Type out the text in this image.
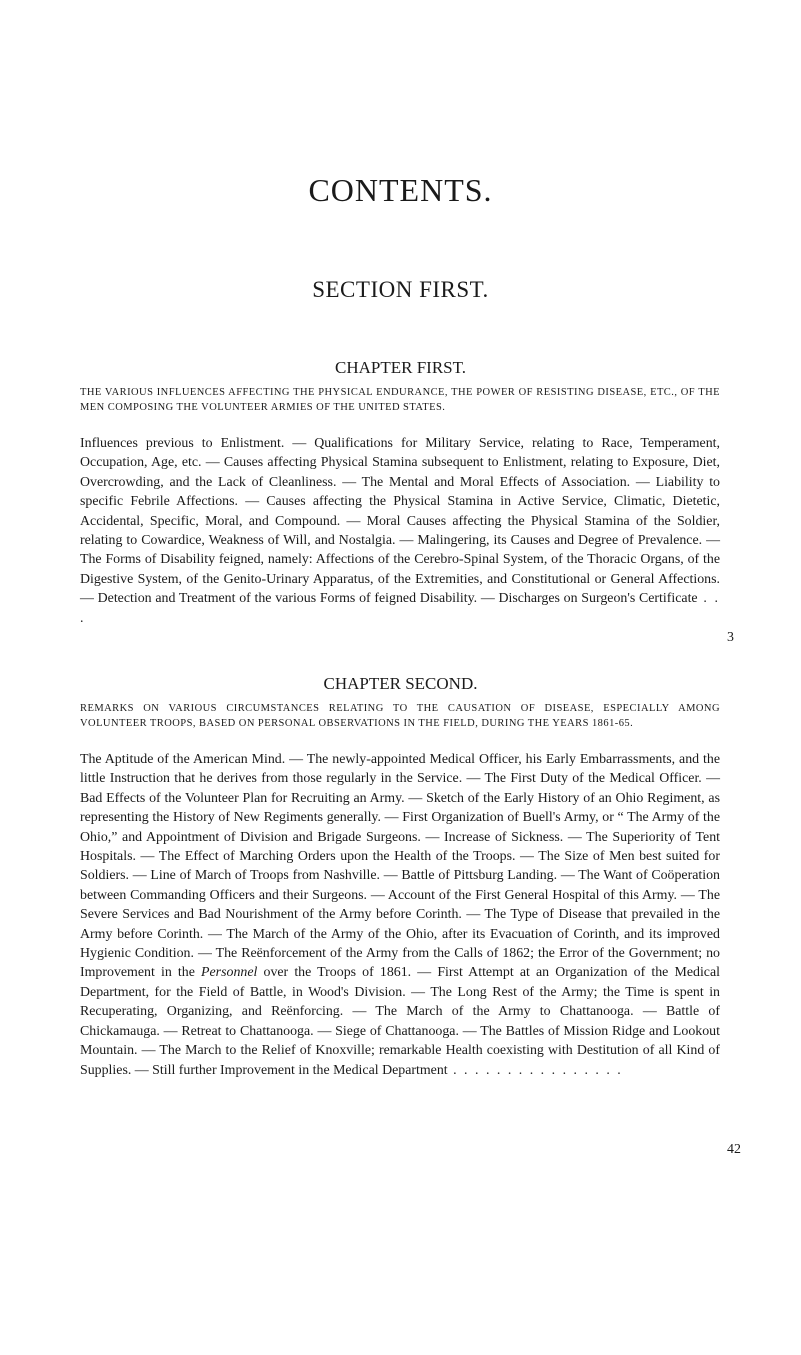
CONTENTS.
SECTION FIRST.
CHAPTER FIRST.

THE VARIOUS INFLUENCES AFFECTING THE PHYSICAL ENDURANCE, THE POWER OF RESISTING DISEASE, ETC., OF THE MEN COMPOSING THE VOLUNTEER ARMIES OF THE UNITED STATES.

Influences previous to Enlistment. — Qualifications for Military Service, relating to Race, Temperament, Occupation, Age, etc. — Causes affecting Physical Stamina subsequent to Enlistment, relating to Exposure, Diet, Overcrowding, and the Lack of Cleanliness. — The Mental and Moral Effects of Association. — Liability to specific Febrile Affections. — Causes affecting the Physical Stamina in Active Service, Climatic, Dietetic, Accidental, Specific, Moral, and Compound. — Moral Causes affecting the Physical Stamina of the Soldier, relating to Cowardice, Weakness of Will, and Nostalgia. — Malingering, its Causes and Degree of Prevalence. — The Forms of Disability feigned, namely: Affections of the Cerebro-Spinal System, of the Thoracic Organs, of the Digestive System, of the Genito-Urinary Apparatus, of the Extremities, and Constitutional or General Affections. — Detection and Treatment of the various Forms of feigned Disability. — Discharges on Surgeon's Certificate . . .

3
CHAPTER SECOND.

REMARKS ON VARIOUS CIRCUMSTANCES RELATING TO THE CAUSATION OF DISEASE, ESPECIALLY AMONG VOLUNTEER TROOPS, BASED ON PERSONAL OBSERVATIONS IN THE FIELD, DURING THE YEARS 1861-65.

The Aptitude of the American Mind. — The newly-appointed Medical Officer, his Early Embarrassments, and the little Instruction that he derives from those regularly in the Service. — The First Duty of the Medical Officer. — Bad Effects of the Volunteer Plan for Recruiting an Army. — Sketch of the Early History of an Ohio Regiment, as representing the History of New Regiments generally. — First Organization of Buell's Army, or “ The Army of the Ohio,” and Appointment of Division and Brigade Surgeons. — Increase of Sickness. — The Superiority of Tent Hospitals. — The Effect of Marching Orders upon the Health of the Troops. — The Size of Men best suited for Soldiers. — Line of March of Troops from Nashville. — Battle of Pittsburg Landing. — The Want of Coöperation between Commanding Officers and their Surgeons. — Account of the First General Hospital of this Army. — The Severe Services and Bad Nourishment of the Army before Corinth. — The Type of Disease that prevailed in the Army before Corinth. — The March of the Army of the Ohio, after its Evacuation of Corinth, and its improved Hygienic Condition. — The Reënforcement of the Army from the Calls of 1862; the Error of the Government; no Improvement in the Personnel over the Troops of 1861. — First Attempt at an Organization of the Medical Department, for the Field of Battle, in Wood's Division. — The Long Rest of the Army; the Time is spent in Recuperating, Organizing, and Reënforcing. — The March of the Army to Chattanooga. — Battle of Chickamauga. — Retreat to Chattanooga. — Siege of Chattanooga. — The Battles of Mission Ridge and Lookout Mountain. — The March to the Relief of Knoxville; remarkable Health coexisting with Destitution of all Kind of Supplies. — Still further Improvement in the Medical Department . . . . . . . . . . . . . . . .

42
